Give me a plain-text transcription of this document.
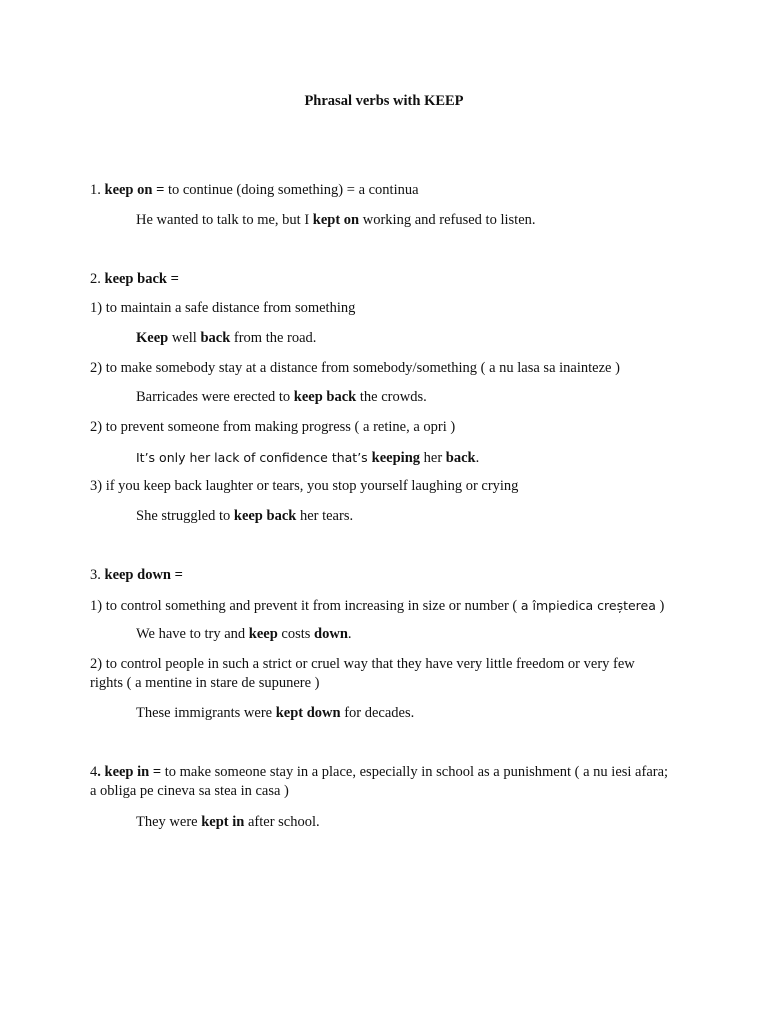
Phrasal verbs with KEEP
1. keep on = to continue (doing something) = a continua
He wanted to talk to me, but I kept on working and refused to listen.
2. keep back =
1) to maintain a safe distance from something
Keep well back from the road.
2) to make somebody stay at a distance from somebody/something ( a nu lasa sa inainteze )
Barricades were erected to keep back the crowds.
2) to prevent someone from making progress ( a retine, a opri )
It’s only her lack of confidence that’s keeping her back.
3) if you keep back laughter or tears, you stop yourself laughing or crying
She struggled to keep back her tears.
3. keep down =
1) to control something and prevent it from increasing in size or number ( a împiedica creșterea )
We have to try and keep costs down.
2) to control people in such a strict or cruel way that they have very little freedom or very few rights ( a mentine in stare de supunere )
These immigrants were kept down for decades.
4. keep in = to make someone stay in a place, especially in school as a punishment ( a nu iesi afara; a obliga pe cineva sa stea in casa )
They were kept in after school.
